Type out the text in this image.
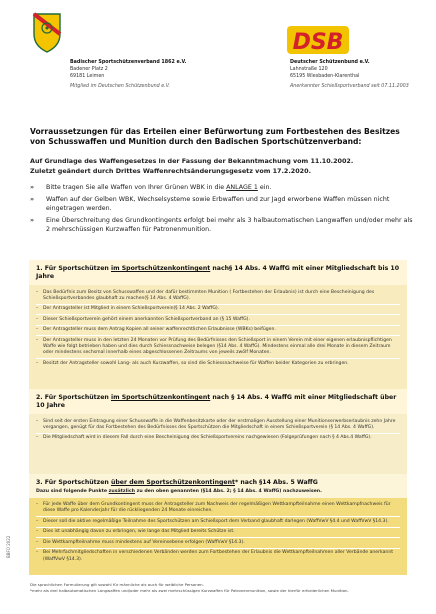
Badischer Sportschützenverband 1862 e.V.
Badener Platz 2
69181 Leimen
Mitglied im Deutschen Schützenbund e.V.
DSB
Deutscher Schützenbund e.V.
Lahnstraße 120
65195 Wiesbaden-Klarenthal
Anerkannter Schießsportverband seit 07.11.2003
Vorraussetzungen für das Erteilen einer Befürwortung zum Fortbestehen des Besitzes von Schusswaffen und Munition durch den Badischen Sportschützenverband:
Auf Grundlage des Waffengesetzes in der Fassung der Bekanntmachung vom 11.10.2002.
Zuletzt geändert durch Drittes Waffenrechtsänderungsgesetz vom 17.2.2020.
»	Bitte tragen Sie alle Waffen von Ihrer Grünen WBK in die ANLAGE 1 ein.
»	Waffen auf der Gelben WBK, Wechselsysteme sowie Erbwaffen und zur Jagd erworbene Waffen müssen nicht eingetragen werden.
»	Eine Überschreitung des Grundkontingents erfolgt bei mehr als 3 halbautomatischen Langwaffen und/oder mehr als 2 mehrschüssigen Kurzwaffen für Patronenmunition.
1. Für Sportschützen im Sportschützenkontingent nach§ 14 Abs. 4 WaffG mit einer Mitgliedschaft bis 10 Jahre
–	Das Bedürfnis zum Besitz von Schusswaffen und der dafür bestimmten Munition ( Fortbestehen der Erlaubnis) ist durch eine Bescheinigung des Schießsportverbandes glaubhaft zu machen(§ 14 Abs. 4 WaffG).
–	Der Antragsteller ist Mitglied in einem Schießsportverein(§ 14 Abs. 2 WaffG).
–	Dieser Schießsportverein gehört einem anerkannten Schießsportverband an (§ 15 WaffG).
–	Der Antragsteller muss dem Antrag Kopien all seiner waffenrechtlichen Erlaubnisse (WBKs) beifügen.
–	Der Antragsteller muss in den letzten 24 Monaten vor Prüfung des Bedürfnisses den Schießsport in einem Verein mit einer eigenen erlaubnispflichtigen Waffe wie folgt betrieben haben und dies durch Schiessnachweise belegen (§14 Abs. 4 WaffG). Mindestens einmal alle drei Monate in diesem Zeitraum oder mindestens sechsmal innerhalb eines abgeschlossenen Zeitraums von jeweils zwölf Monaten.
–	Besitzt der Antragsteller sowohl Lang- als auch Kurzwaffen, so sind die Schiessnachweise für Waffen beider Kategorien zu erbringen.
2. Für Sportschützen im Sportschützenkontingent nach § 14 Abs. 4 WaffG mit einer Mitgliedschaft über 10 Jahre
–	Sind seit der ersten Eintragung einer Schusswaffe in die Waffenbesitzkarte oder der erstmaligen Ausstellung einer Munitionserwerbserlaubnis zehn Jahre vergangen, genügt für das Fortbestehen des Bedürfnisses des Sportschützen die Mitgliedschaft in einem Schießsportverein (§ 14 Abs. 4 WaffG).
–	Die Mitgliedschaft wird in diesem Fall durch eine Bescheinigung des Schießsportvereins nachgewiesen (Folgeprüfungen nach § 4 Abs.4 WaffG).
3. Für Sportschützen über dem Sportschützenkontingent* nach §14 Abs. 5 WaffG
Dazu sind folgende Punkte zusätzlich zu den oben genannten (§14 Abs. 2; § 14 Abs. 4 WaffG) nachzuweisen.
–	Für jede Waffe über dem Grundkontingent muss der Antragsteller zum Nachweis der regelmäßigen Wettkampfteilnahme einen Wettkampfnachweis für diese Waffe pro Kalenderjahr für die rückliegenden 24 Monate einreichen.
–	Dieser soll die aktive regelmäßige Teilnahme des Sportschützen am Schießsport dem Verband glaubhaft darlegen (WaffVwV §4.4 und WaffVwV §14.3).
–	Dies ist unabhängig davon zu erbringen, wie lange das Mitglied bereits Schütze ist.
–	Die Wettkampfteilnahme muss mindestens auf Vereinsebene erfolgen (WaffVwV §14.3).
–	Bei Mehrfachmitgliedschaften in verschiedenen Verbänden werden zum Fortbestehen der Erlaubnis die Wettkampfteilnahmen aller Verbände anerkannt (WaffVwV §14.3).
BBFO 2022
Die sprachlichen Formulierung gilt sowohl für männliche als auch für weibliche Personen.
*mehr als drei halbautomatischen Langwaffen und/oder mehr als zwei mehrschüssigen Kurzwaffen für Patronenmunition, sowie der hierfür erforderlichen Munition.
